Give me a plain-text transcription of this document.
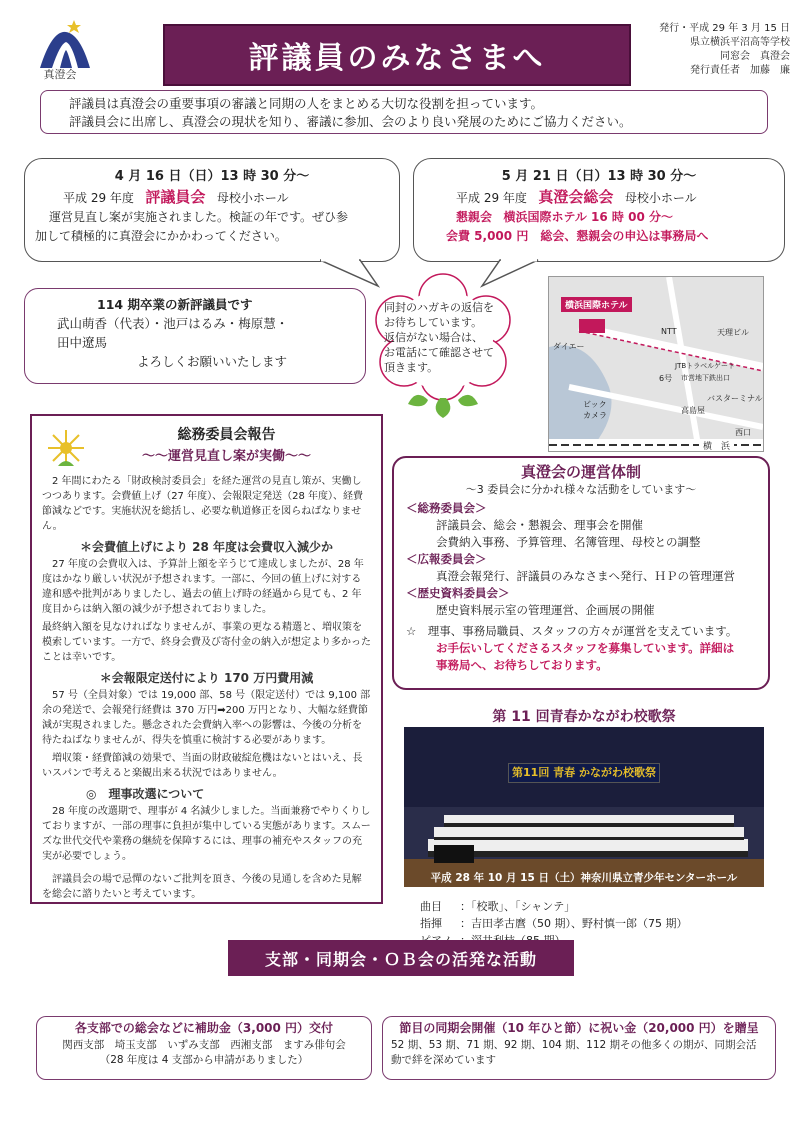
真澄会	評議員のみなさまへ
発行・平成 29 年 3 月 15 日
県立横浜平沼高等学校
同窓会　真澄会
発行責任者　加藤　廉
評議員は真澄会の重要事項の審議と同期の人をまとめる大切な役割を担っています。
評議員会に出席し、真澄会の現状を知り、審議に参加、会のより良い発展のためにご協力ください。
4 月 16 日（日）13 時 30 分～
平成 29 年度 評議員会 母校小ホール
運営見直し案が実施されました。検証の年です。ぜひ参
加して積極的に真澄会にかかわってください。
5 月 21 日（日）13 時 30 分～
平成 29 年度 真澄会総会 母校小ホール
懇親会 横浜国際ホテル 16 時 00 分～
会費 5,000 円　総会、懇親会の申込は事務局へ
114 期卒業の新評議員です
武山萌香（代表）・池戸はるみ・梅原慧・
田中遼馬
よろしくお願いいたします
同封のハガキの返信を
お待ちしています。
返信がない場合は、
お電話にて確認させて
頂きます。
横浜国際ホテル
NTT
ダイエー
天理ビル
JTBトラベルゲート
市営地下鉄出口
6号
ビックカメラ
高島屋
バスターミナル
西口
横　浜
総務委員会報告
～～運営見直し案が実働～～

2 年間にわたる「財政検討委員会」を経た運営の見直し策が、実働しつつあります。会費値上げ（27 年度）、会報限定発送（28 年度）、経費節減などです。実施状況を総括し、必要な軌道修正を図らねばなりません。

＊会費値上げにより 28 年度は会費収入減少か

27 年度の会費収入は、予算計上額を辛うじて達成しましたが、28 年度はかなり厳しい状況が予想されます。一部に、今回の値上げに対する違和感や批判がありましたし、過去の値上げ時の経過から見ても、2 年度目からは納入額の減少が予想されておりました。

最終納入額を見なければなりませんが、事業の更なる精選と、増収策を模索しています。一方で、終身会費及び寄付金の納入が想定より多かったことは幸いです。

＊会報限定送付により 170 万円費用減

57 号（全員対象）では 19,000 部、58 号（限定送付）では 9,100 部余の発送で、会報発行経費は 370 万円➡200 万円となり、大幅な経費節減が実現されました。懸念された会費納入率への影響は、今後の分析を待たねばなりませんが、得失を慎重に検討する必要があります。

増収策・経費節減の効果で、当面の財政破綻危機はないとはいえ、長いスパンで考えると楽観出来る状況ではありません。

◎　理事改選について

28 年度の改選期で、理事が 4 名減少しました。当面兼務でやりくりしておりますが、一部の理事に負担が集中している実態があります。スムーズな世代交代や業務の継続を保障するには、理事の補充やスタッフの充実が必要でしょう。

評議員会の場で忌憚のないご批判を頂き、今後の見通しを含めた見解を総会に諮りたいと考えています。

真澄会の運営体制
～3 委員会に分かれ様々な活動をしています～
＜総務委員会＞
評議員会、総会・懇親会、理事会を開催
会費納入事務、予算管理、名簿管理、母校との調整
＜広報委員会＞
真澄会報発行、評議員のみなさまへ発行、ＨＰの管理運営
＜歴史資料委員会＞
歴史資料展示室の管理運営、企画展の開催
☆　理事、事務局職員、スタッフの方々が運営を支えています。
お手伝いしてくださるスタッフを募集しています。詳細は
事務局へ、お待ちしております。
第 11 回青春かながわ校歌祭
第11回 青春 かながわ校歌祭
平成 28 年 10 月 15 日（土）神奈川県立青少年センターホール
曲目 ：「校歌」、「シャンテ」
指揮 ：吉田孝古麿（50 期）、野村慎一郎（75 期）
支部・同期会・ＯＢ会の活発な活動
各支部での総会などに補助金（3,000 円）交付
関西支部　埼玉支部　いずみ支部　西湘支部　ますみ俳句会
（28 年度は 4 支部から申請がありました）
節目の同期会開催（10 年ひと節）に祝い金（20,000 円）を贈呈
52 期、53 期、71 期、92 期、104 期、112 期その他多くの期が、同期会活動で絆を深めています
